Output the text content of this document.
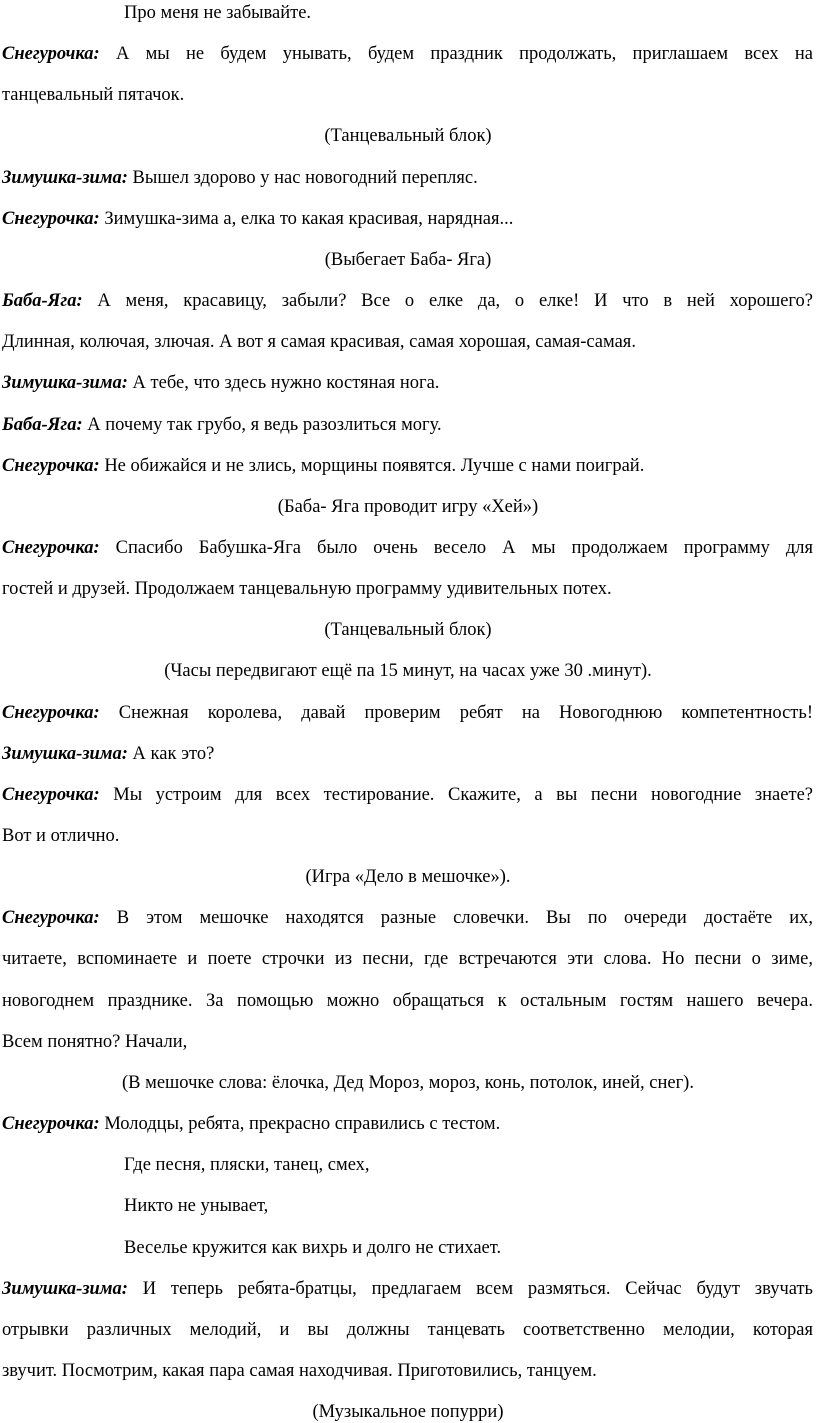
Про меня не забывайте.
Снегурочка: А мы не будем унывать, будем праздник продолжать, приглашаем всех на
танцевальный пятачок.
(Танцевальный блок)
Зимушка-зима: Вышел здорово у нас новогодний перепляс.
Снегурочка: Зимушка-зима а, елка то какая красивая, нарядная...
(Выбегает Баба- Яга)
Баба-Яга: А меня, красавицу, забыли? Все о елке да, о елке! И что в ней хорошего?
Длинная, колючая, злючая. А вот я самая красивая, самая хорошая, самая-самая.
Зимушка-зима: А тебе, что здесь нужно костяная нога.
Баба-Яга: А почему так грубо, я ведь разозлиться могу.
Снегурочка: Не обижайся и не злись, морщины появятся. Лучше с нами поиграй.
(Баба- Яга проводит игру «Хей»)
Снегурочка: Спасибо Бабушка-Яга было очень весело А мы продолжаем программу для
гостей и друзей. Продолжаем танцевальную программу удивительных потех.
(Танцевальный блок)
(Часы передвигают ещё па 15 минут, на часах уже 30 .минут).
Снегурочка: Снежная королева, давай проверим ребят на Новогоднюю компетентность!
Зимушка-зима: А как это?
Снегурочка: Мы устроим для всех тестирование. Скажите, а вы песни новогодние знаете?
Вот и отлично.
(Игра «Дело в мешочке»).
Снегурочка: В этом мешочке находятся разные словечки. Вы по очереди достаёте их,
читаете, вспоминаете и поете строчки из песни, где встречаются эти слова. Но песни о зиме,
новогоднем празднике. За помощью можно обращаться к остальным гостям нашего вечера.
Всем понятно? Начали,
(В мешочке слова: ёлочка, Дед Мороз, мороз, конь, потолок, иней, снег).
Снегурочка: Молодцы, ребята, прекрасно справились с тестом.
Где песня, пляски, танец, смех,
Никто не унывает,
Веселье кружится как вихрь и долго не стихает.
Зимушка-зима: И теперь ребята-братцы, предлагаем всем размяться. Сейчас будут звучать
отрывки различных мелодий, и вы должны танцевать соответственно мелодии, которая
звучит. Посмотрим, какая пара самая находчивая. Приготовились, танцуем.
(Музыкальное попурри)
